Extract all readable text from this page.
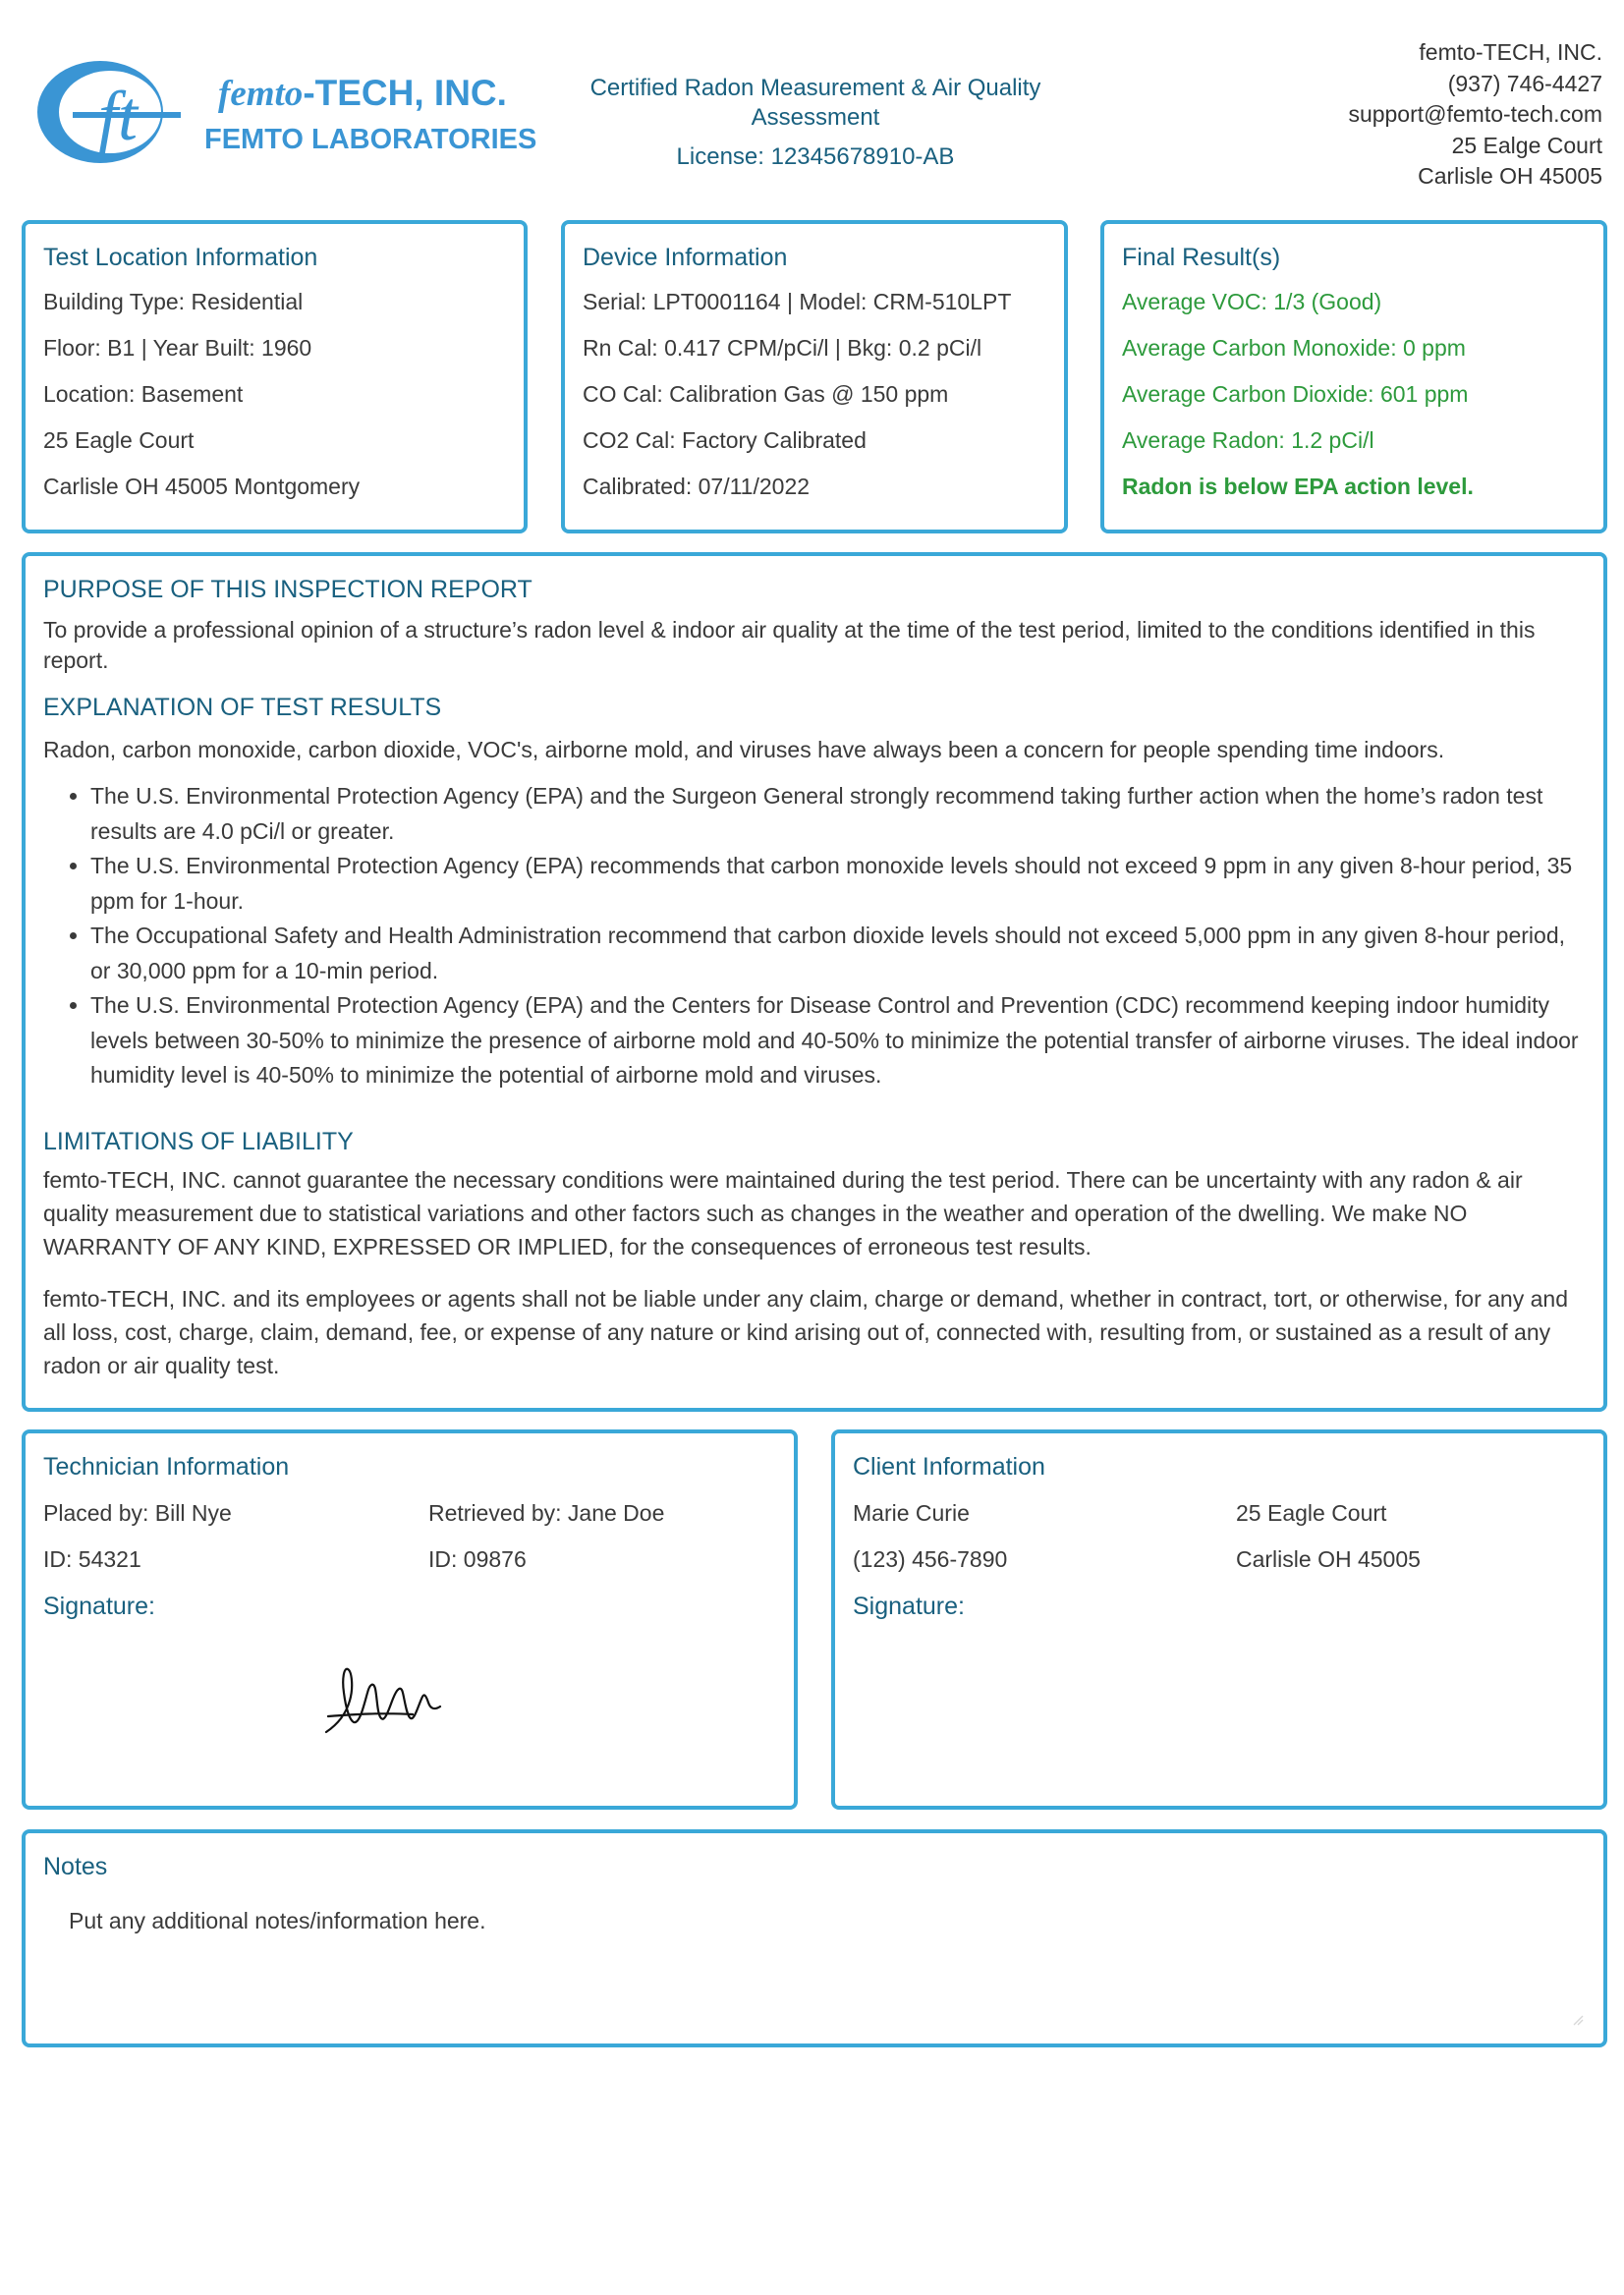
ft femto-TECH, INC.
FEMTO LABORATORIES
Certified Radon Measurement & Air Quality
Assessment
License: 12345678910-AB
femto-TECH, INC.
(937) 746-4427
support@femto-tech.com
25 Ealge Court
Carlisle OH 45005
Test Location Information
Building Type: Residential
Floor: B1 | Year Built: 1960
Location: Basement
25 Eagle Court
Carlisle OH 45005 Montgomery
Device Information
Serial: LPT0001164 | Model: CRM-510LPT
Rn Cal: 0.417 CPM/pCi/l | Bkg: 0.2 pCi/l
CO Cal: Calibration Gas @ 150 ppm
CO2 Cal: Factory Calibrated
Calibrated: 07/11/2022
Final Result(s)
Average VOC: 1/3 (Good)
Average Carbon Monoxide: 0 ppm
Average Carbon Dioxide: 601 ppm
Average Radon: 1.2 pCi/l
Radon is below EPA action level.
PURPOSE OF THIS INSPECTION REPORT

To provide a professional opinion of a structure’s radon level & indoor air quality at the time of the test period, limited to the conditions identified in this report.

EXPLANATION OF TEST RESULTS

Radon, carbon monoxide, carbon dioxide, VOC's, airborne mold, and viruses have always been a concern for people spending time indoors.

• The U.S. Environmental Protection Agency (EPA) and the Surgeon General strongly recommend taking further action when the home’s radon test results are 4.0 pCi/l or greater.
• The U.S. Environmental Protection Agency (EPA) recommends that carbon monoxide levels should not exceed 9 ppm in any given 8-hour period, 35 ppm for 1-hour.
• The Occupational Safety and Health Administration recommend that carbon dioxide levels should not exceed 5,000 ppm in any given 8-hour period, or 30,000 ppm for a 10-min period.
• The U.S. Environmental Protection Agency (EPA) and the Centers for Disease Control and Prevention (CDC) recommend keeping indoor humidity levels between 30-50% to minimize the presence of airborne mold and 40-50% to minimize the potential transfer of airborne viruses. The ideal indoor humidity level is 40-50% to minimize the potential of airborne mold and viruses.
LIMITATIONS OF LIABILITY

femto-TECH, INC. cannot guarantee the necessary conditions were maintained during the test period. There can be uncertainty with any radon & air quality measurement due to statistical variations and other factors such as changes in the weather and operation of the dwelling. We make NO WARRANTY OF ANY KIND, EXPRESSED OR IMPLIED, for the consequences of erroneous test results.

femto-TECH, INC. and its employees or agents shall not be liable under any claim, charge or demand, whether in contract, tort, or otherwise, for any and all loss, cost, charge, claim, demand, fee, or expense of any nature or kind arising out of, connected with, resulting from, or sustained as a result of any radon or air quality test.

Technician Information
Placed by: Bill Nye	Retrieved by: Jane Doe
ID: 54321	ID: 09876
Signature:
Client Information
Marie Curie	25 Eagle Court
(123) 456-7890	Carlisle OH 45005
Signature:
Notes
Put any additional notes/information here.
